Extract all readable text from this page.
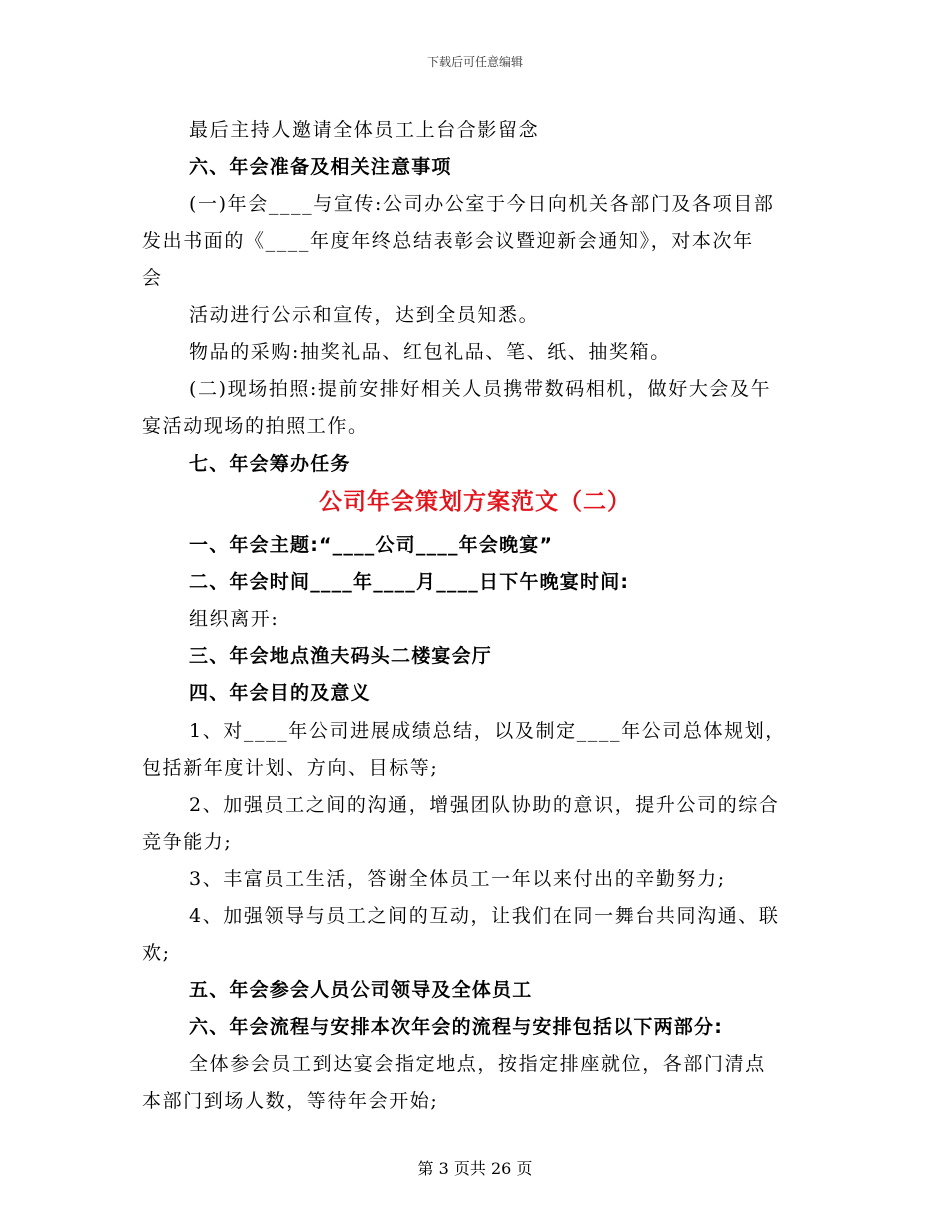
下载后可任意编辑
最后主持人邀请全体员工上台合影留念
六、年会准备及相关注意事项
(一)年会____与宣传:公司办公室于今日向机关各部门及各项目部
发出书面的《____年度年终总结表彰会议暨迎新会通知》，对本次年
会
活动进行公示和宣传，达到全员知悉。
物品的采购:抽奖礼品、红包礼品、笔、纸、抽奖箱。
(二)现场拍照:提前安排好相关人员携带数码相机，做好大会及午
宴活动现场的拍照工作。
七、年会筹办任务
公司年会策划方案范文（二）
一、年会主题:“____公司____年会晚宴”
二、年会时间____年____月____日下午晚宴时间:
组织离开:
三、年会地点渔夫码头二楼宴会厅
四、年会目的及意义
1、对____年公司进展成绩总结，以及制定____年公司总体规划，
包括新年度计划、方向、目标等;
2、加强员工之间的沟通，增强团队协助的意识，提升公司的综合
竞争能力;
3、丰富员工生活，答谢全体员工一年以来付出的辛勤努力;
4、加强领导与员工之间的互动，让我们在同一舞台共同沟通、联
欢;
五、年会参会人员公司领导及全体员工
六、年会流程与安排本次年会的流程与安排包括以下两部分:
全体参会员工到达宴会指定地点，按指定排座就位，各部门清点
本部门到场人数，等待年会开始;
第 3 页共 26 页
